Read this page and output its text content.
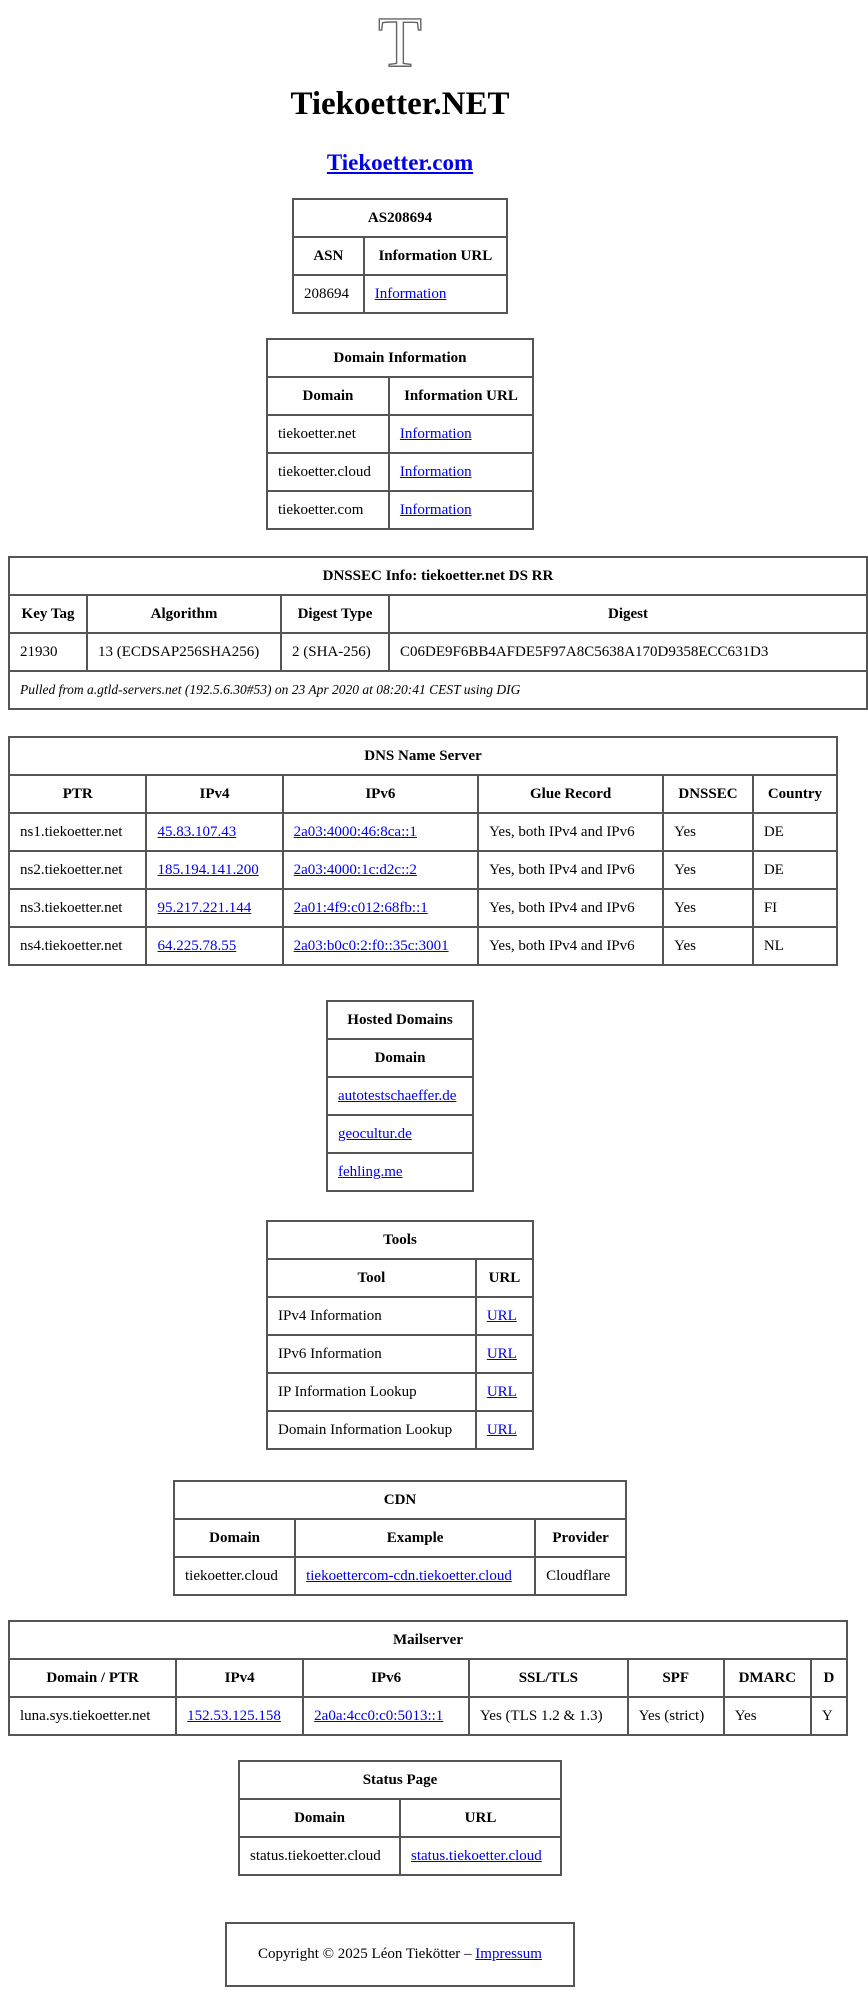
T
Tiekoetter.NET
Tiekoetter.com
AS208694	
ASN	Information URL
208694	Information
Domain Information	
Domain	Information URL
tiekoetter.net	Information
tiekoetter.cloud	Information
tiekoetter.com	Information
DNSSEC Info: tiekoetter.net DS RR			
Key Tag	Algorithm	Digest Type	Digest
21930	13 (ECDSAP256SHA256)	2 (SHA-256)	C06DE9F6BB4AFDE5F97A8C5638A170D9358ECC631D3
Pulled from a.gtld-servers.net (192.5.6.30#53) on 23 Apr 2020 at 08:20:41 CEST using DIG			
DNS Name Server					
PTR	IPv4	IPv6	Glue Record	DNSSEC	Country
ns1.tiekoetter.net	45.83.107.43	2a03:4000:46:8ca::1	Yes, both IPv4 and IPv6	Yes	DE
ns2.tiekoetter.net	185.194.141.200	2a03:4000:1c:d2c::2	Yes, both IPv4 and IPv6	Yes	DE
ns3.tiekoetter.net	95.217.221.144	2a01:4f9:c012:68fb::1	Yes, both IPv4 and IPv6	Yes	FI
ns4.tiekoetter.net	64.225.78.55	2a03:b0c0:2:f0::35c:3001	Yes, both IPv4 and IPv6	Yes	NL
Hosted Domains
Domain
autotestschaeffer.de
geocultur.de
fehling.me
Tools	
Tool	URL
IPv4 Information	URL
IPv6 Information	URL
IP Information Lookup	URL
Domain Information Lookup	URL
CDN		
Domain	Example	Provider
tiekoetter.cloud	tiekoettercom-cdn.tiekoetter.cloud	Cloudflare
Mailserver						
Domain / PTR	IPv4	IPv6	SSL/TLS	SPF	DMARC	D
luna.sys.tiekoetter.net	152.53.125.158	2a0a:4cc0:c0:5013::1	Yes (TLS 1.2 & 1.3)	Yes (strict)	Yes	Y
Status Page	
Domain	URL
status.tiekoetter.cloud	status.tiekoetter.cloud
Copyright © 2025 Léon Tiekötter – Impressum
